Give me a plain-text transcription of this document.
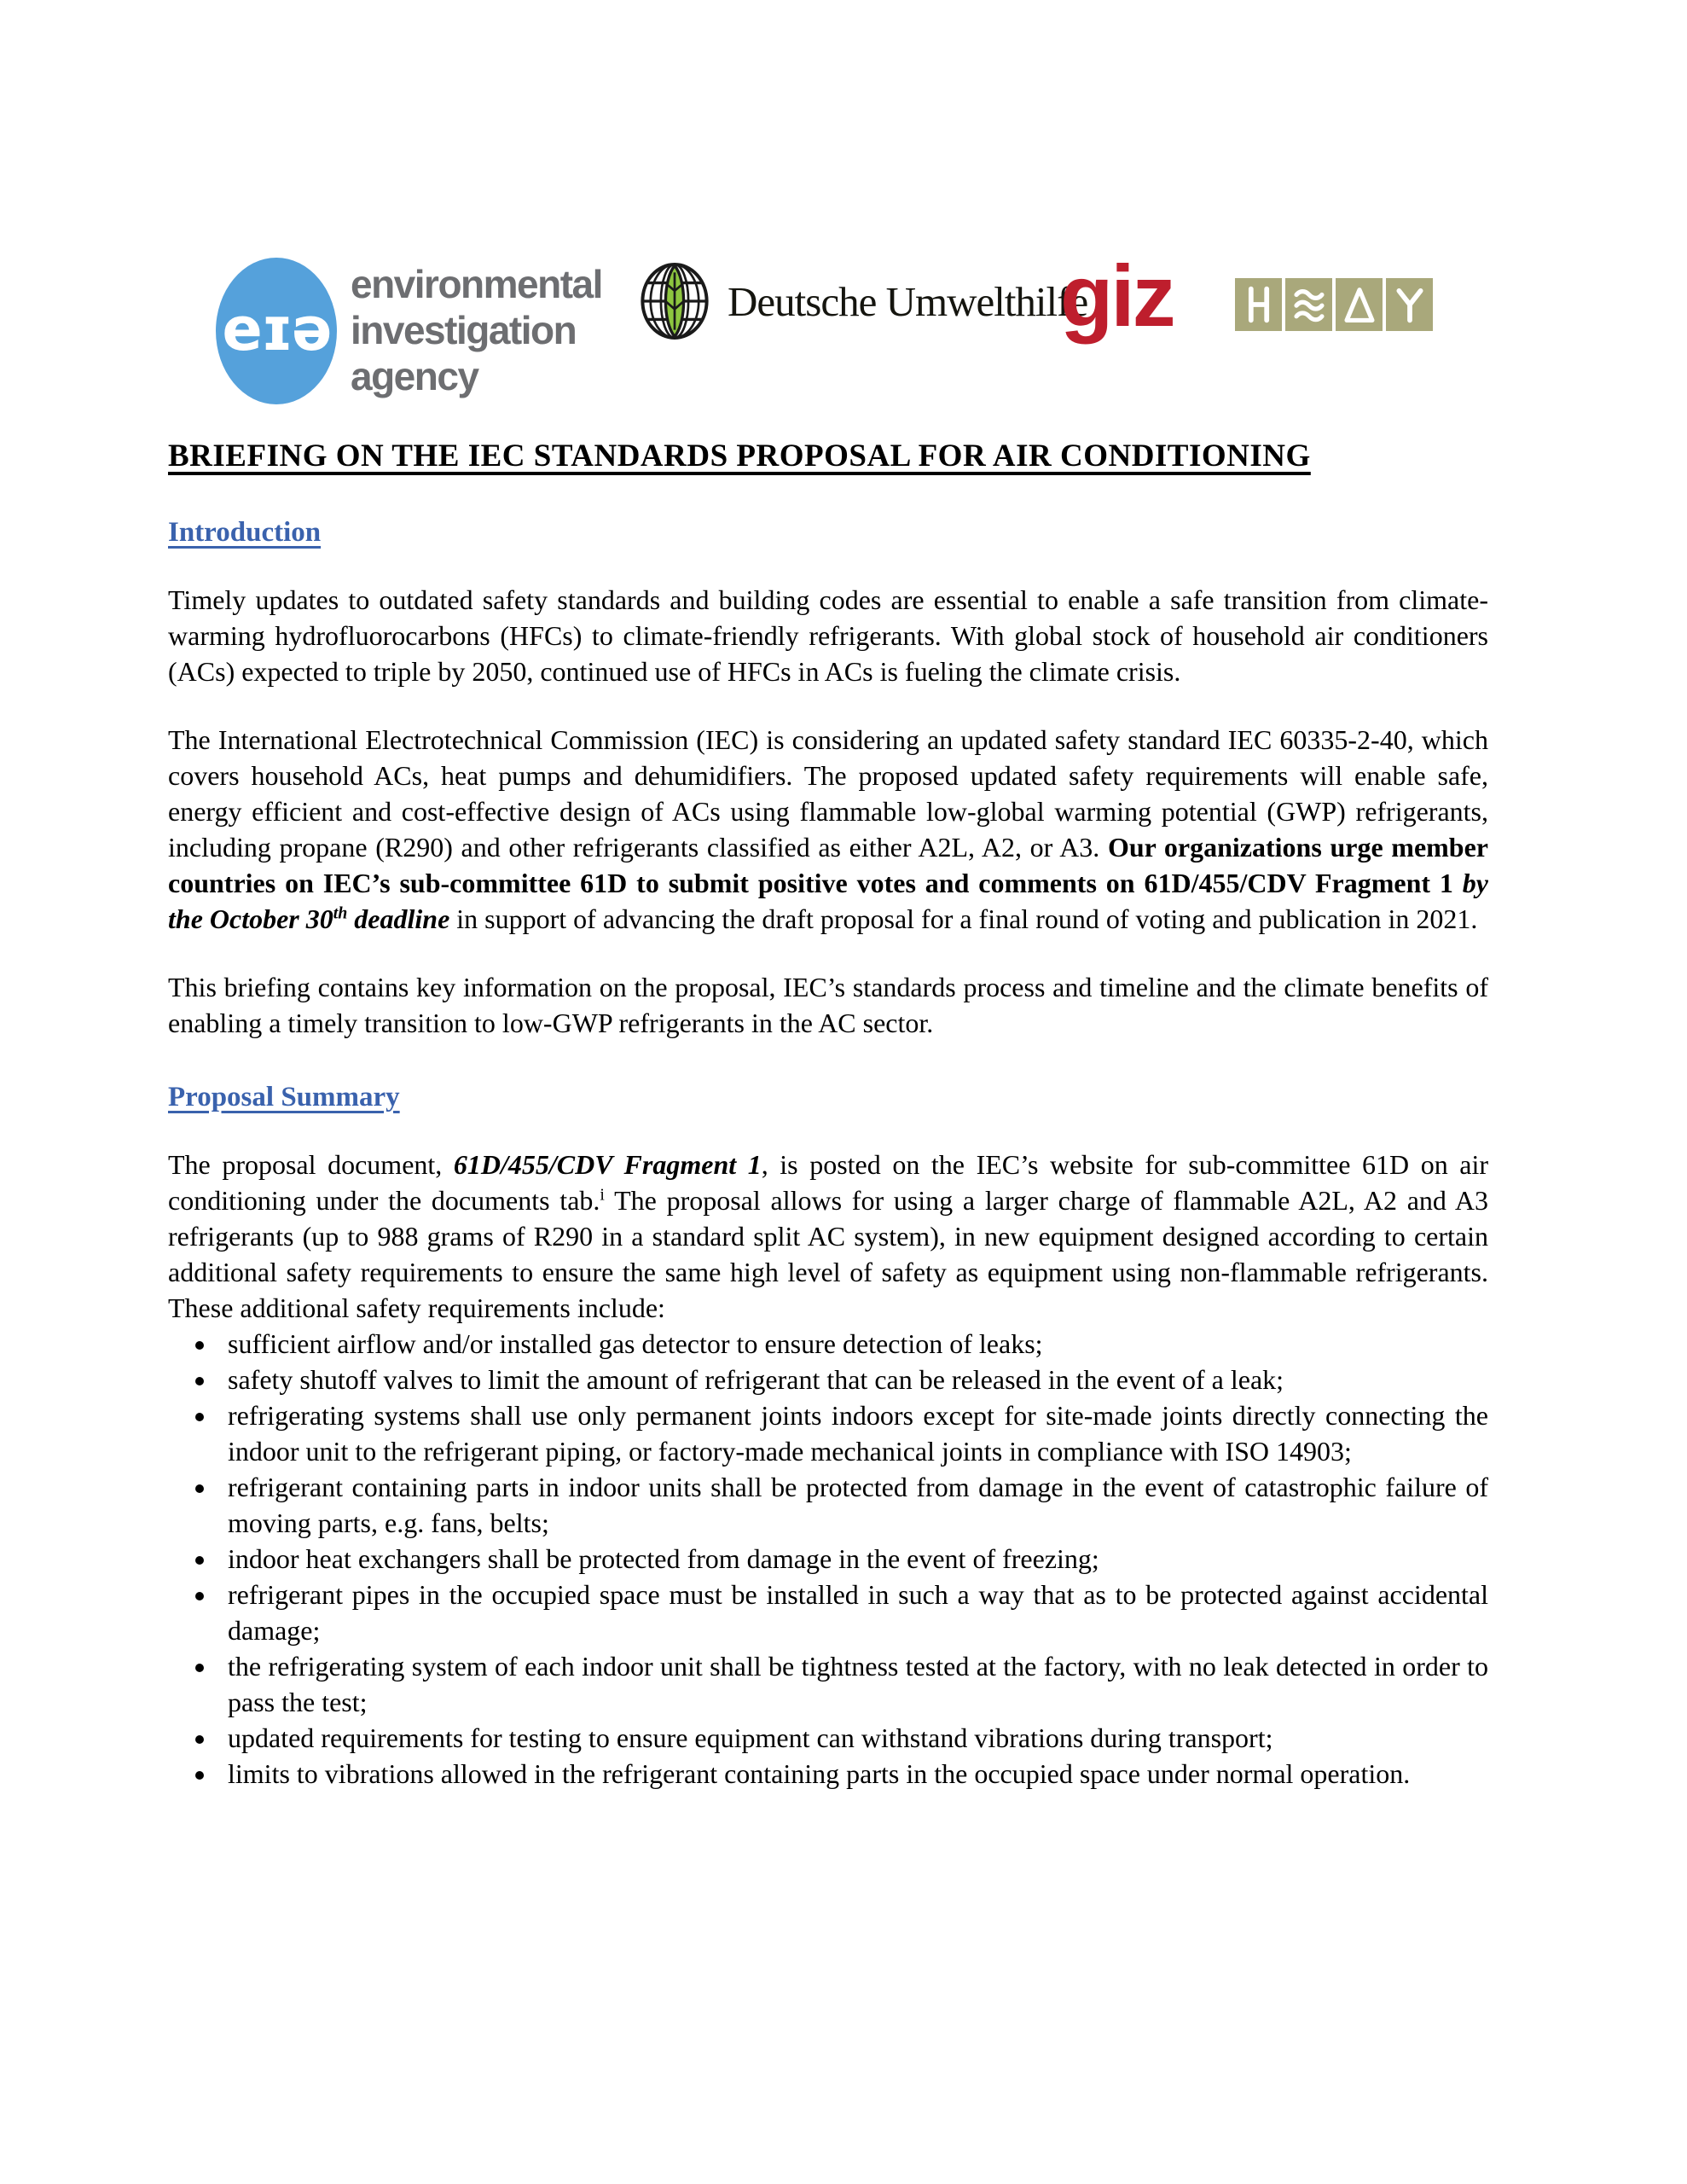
eɪə
environmental
investigation
agency
Deutsche Umwelthilfe
giz
BRIEFING ON THE IEC STANDARDS PROPOSAL FOR AIR CONDITIONING
Introduction

Timely updates to outdated safety standards and building codes are essential to enable a safe transition from climate-warming hydrofluorocarbons (HFCs) to climate-friendly refrigerants. With global stock of household air conditioners (ACs) expected to triple by 2050, continued use of HFCs in ACs is fueling the climate crisis.

The International Electrotechnical Commission (IEC) is considering an updated safety standard IEC 60335-2-40, which covers household ACs, heat pumps and dehumidifiers. The proposed updated safety requirements will enable safe, energy efficient and cost-effective design of ACs using flammable low-global warming potential (GWP) refrigerants, including propane (R290) and other refrigerants classified as either A2L, A2, or A3. Our organizations urge member countries on IEC’s sub-committee 61D to submit positive votes and comments on 61D/455/CDV Fragment 1 by the October 30th deadline in support of advancing the draft proposal for a final round of voting and publication in 2021.

This briefing contains key information on the proposal, IEC’s standards process and timeline and the climate benefits of enabling a timely transition to low-GWP refrigerants in the AC sector.

Proposal Summary

The proposal document, 61D/455/CDV Fragment 1, is posted on the IEC’s website for sub-committee 61D on air conditioning under the documents tab.$^i$ The proposal allows for using a larger charge of flammable A2L, A2 and A3 refrigerants (up to 988 grams of R290 in a standard split AC system), in new equipment designed according to certain additional safety requirements to ensure the same high level of safety as equipment using non-flammable refrigerants. These additional safety requirements include:

• sufficient airflow and/or installed gas detector to ensure detection of leaks;
• safety shutoff valves to limit the amount of refrigerant that can be released in the event of a leak;
• refrigerating systems shall use only permanent joints indoors except for site-made joints directly connecting the indoor unit to the refrigerant piping, or factory-made mechanical joints in compliance with ISO 14903;
• refrigerant containing parts in indoor units shall be protected from damage in the event of catastrophic failure of moving parts, e.g. fans, belts;
• indoor heat exchangers shall be protected from damage in the event of freezing;
• refrigerant pipes in the occupied space must be installed in such a way that as to be protected against accidental damage;
• the refrigerating system of each indoor unit shall be tightness tested at the factory, with no leak detected in order to pass the test;
• updated requirements for testing to ensure equipment can withstand vibrations during transport;
• limits to vibrations allowed in the refrigerant containing parts in the occupied space under normal operation.
